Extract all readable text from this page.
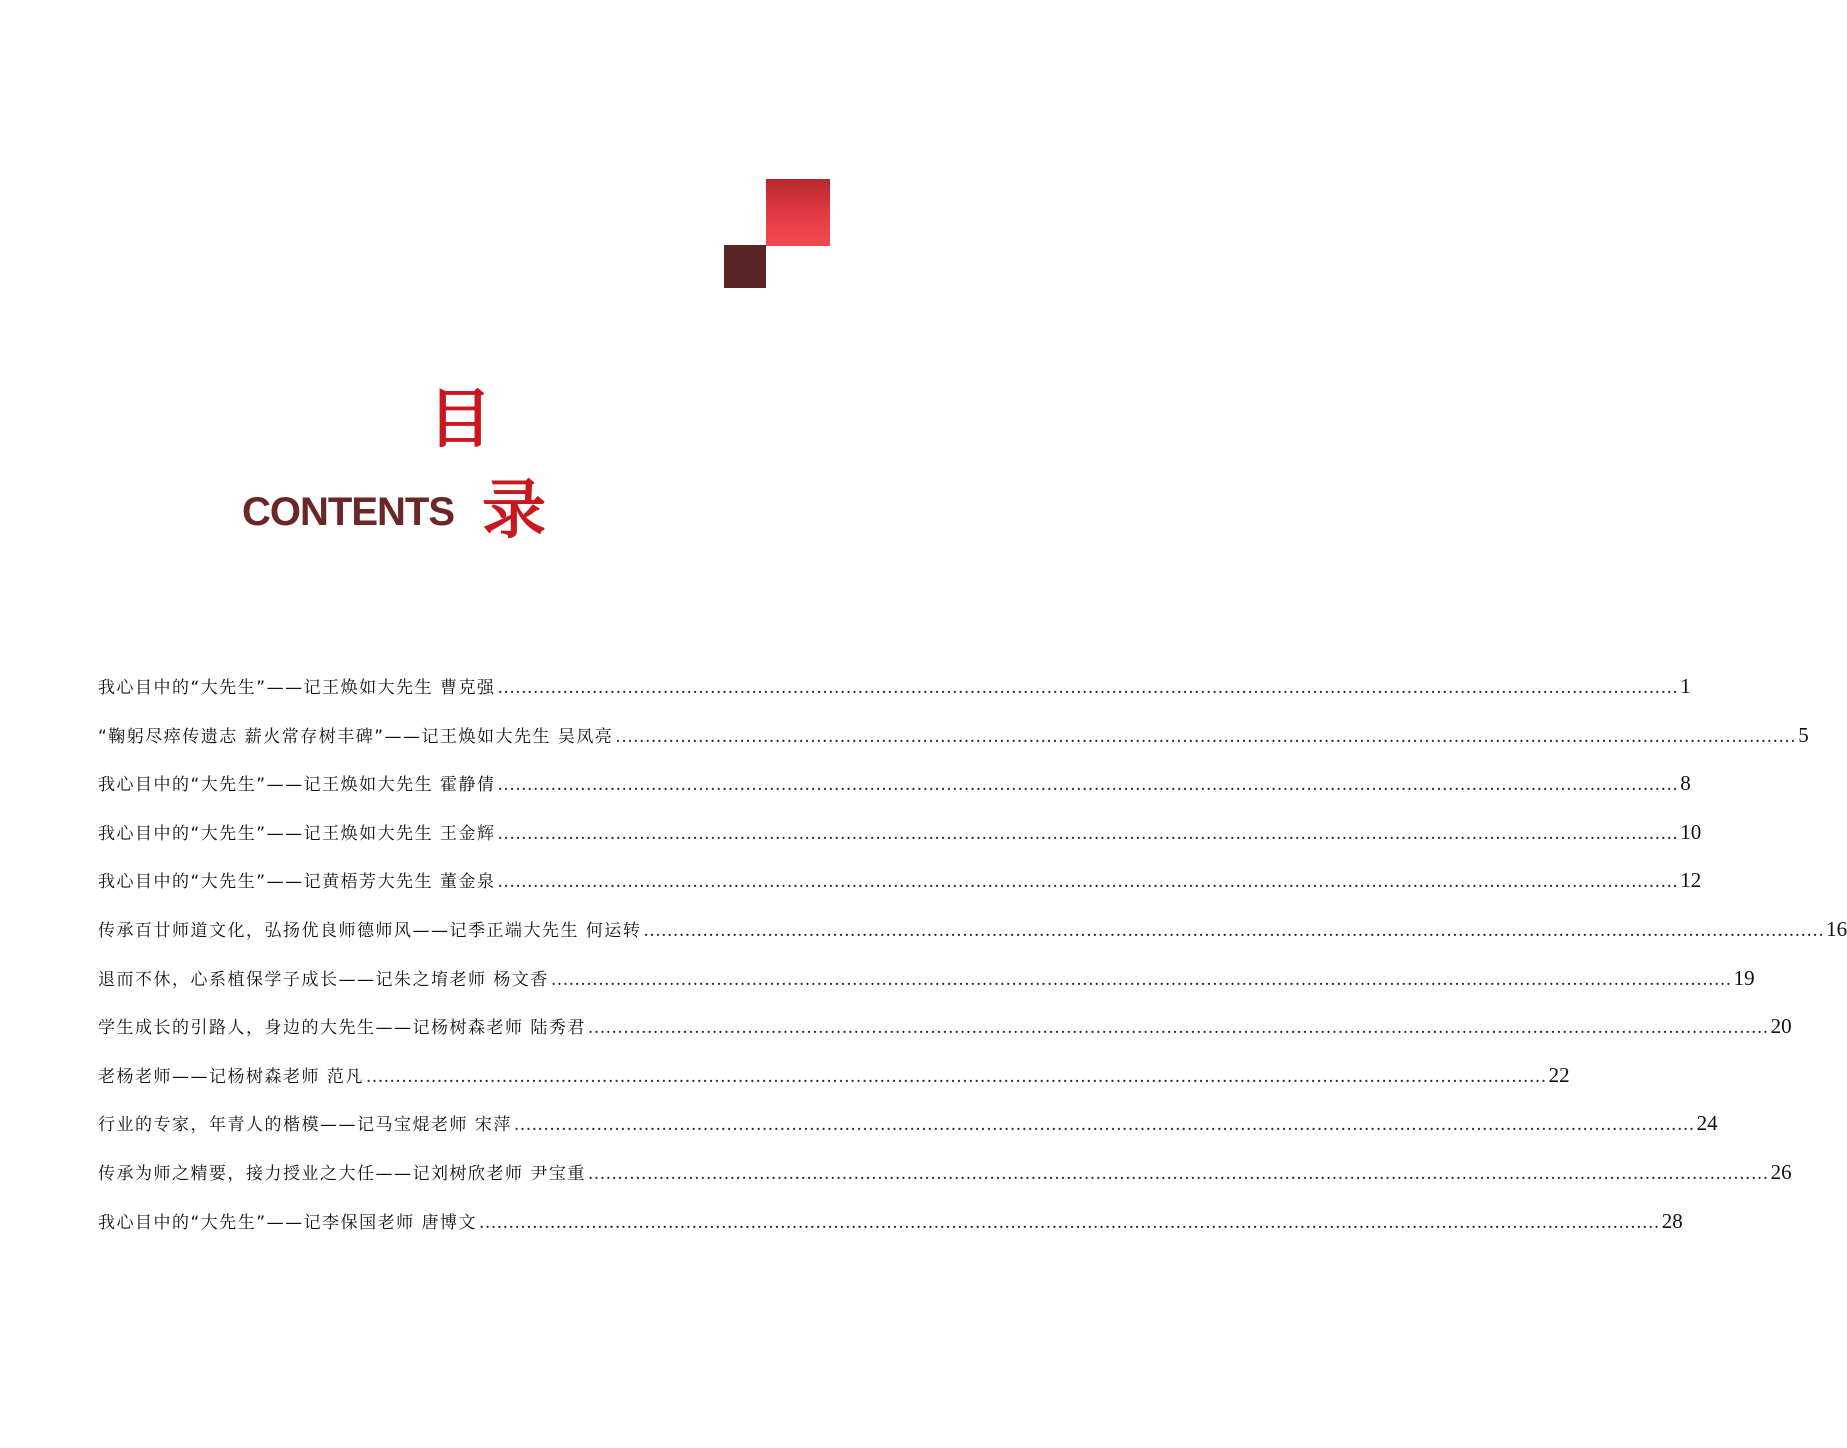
目
CONTENTS 录
我心目中的“大先生”——记王焕如大先生 曹克强 ........................................................................................................................................................................................................ 1
“鞠躬尽瘁传遗志 薪火常存树丰碑”——记王焕如大先生 吴凤亮 ........................................................................................................................................................................................................ 5
我心目中的“大先生”——记王焕如大先生 霍静倩 ........................................................................................................................................................................................................ 8
我心目中的“大先生”——记王焕如大先生 王金辉 ........................................................................................................................................................................................................ 10
我心目中的“大先生”——记黄梧芳大先生 董金泉 ........................................................................................................................................................................................................ 12
传承百廿师道文化，弘扬优良师德师风——记季正端大先生 何运转 ........................................................................................................................................................................................................ 16
退而不休，心系植保学子成长——记朱之堉老师 杨文香 ........................................................................................................................................................................................................ 19
学生成长的引路人，身边的大先生——记杨树森老师 陆秀君 ........................................................................................................................................................................................................ 20
老杨老师——记杨树森老师 范凡 ........................................................................................................................................................................................................ 22
行业的专家，年青人的楷模——记马宝焜老师 宋萍 ........................................................................................................................................................................................................ 24
传承为师之精要，接力授业之大任——记刘树欣老师 尹宝重 ........................................................................................................................................................................................................ 26
我心目中的“大先生”——记李保国老师 唐博文 ........................................................................................................................................................................................................ 28
